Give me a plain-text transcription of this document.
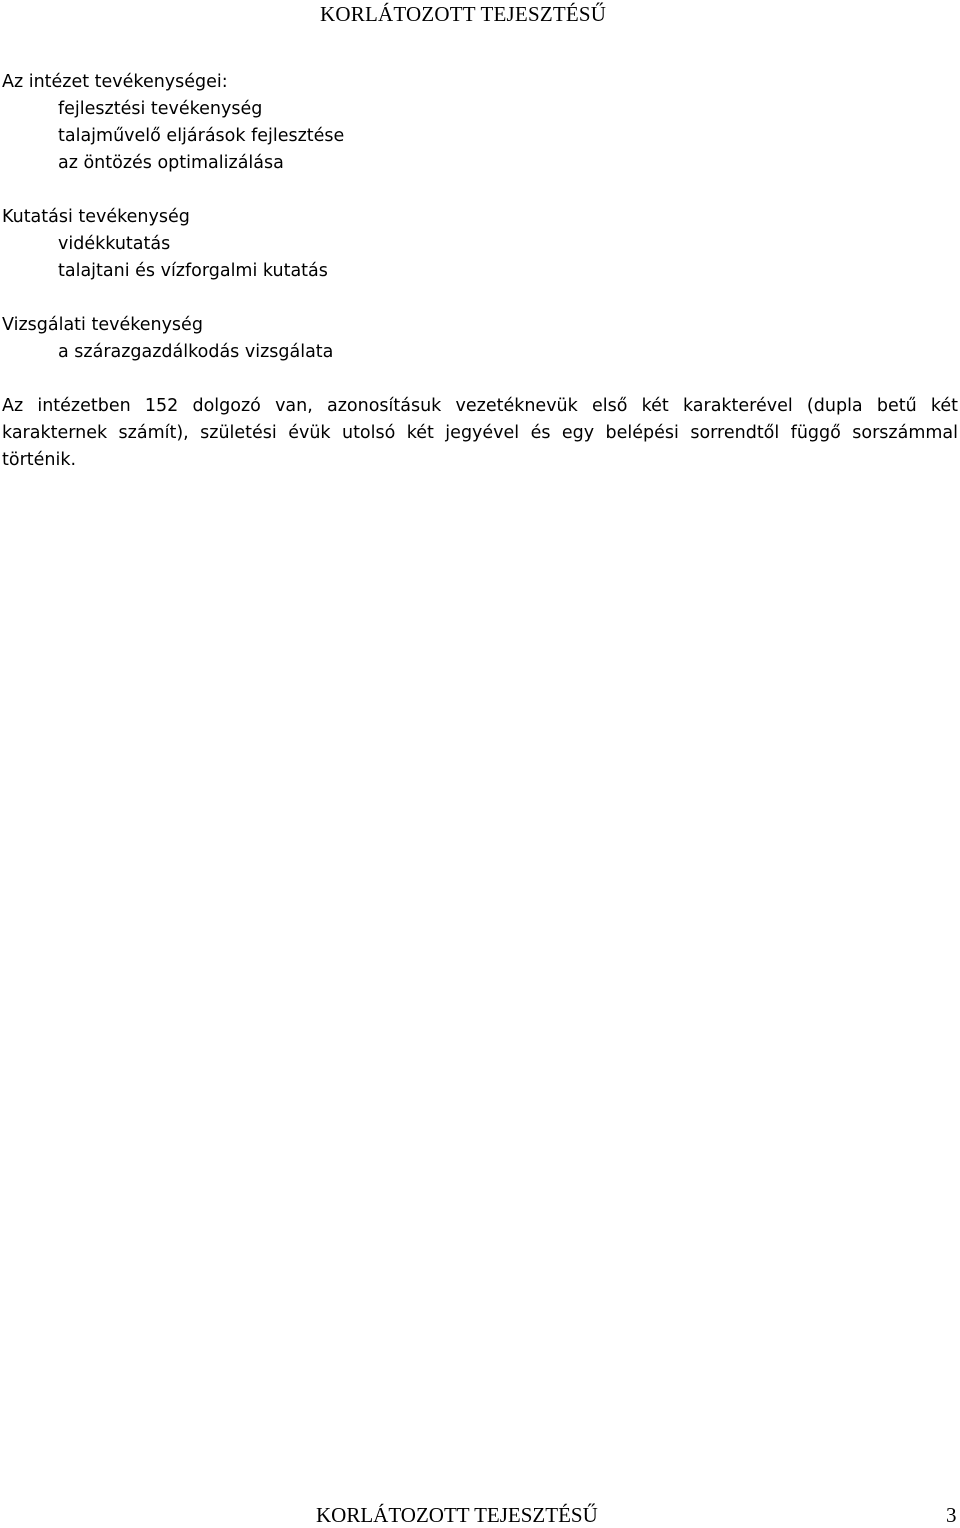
KORLÁTOZOTT TEJESZTÉSŰ
Az intézet tevékenységei:
fejlesztési tevékenység
talajművelő eljárások fejlesztése
az öntözés optimalizálása
Kutatási tevékenység
vidékkutatás
talajtani és vízforgalmi kutatás
Vizsgálati tevékenység
a szárazgazdálkodás vizsgálata

Az intézetben 152 dolgozó van, azonosításuk vezetéknevük első két karakterével (dupla betű két karakternek számít), születési évük utolsó két jegyével és egy belépési sorrendtől függő sorszámmal történik.

KORLÁTOZOTT TEJESZTÉSŰ	3
